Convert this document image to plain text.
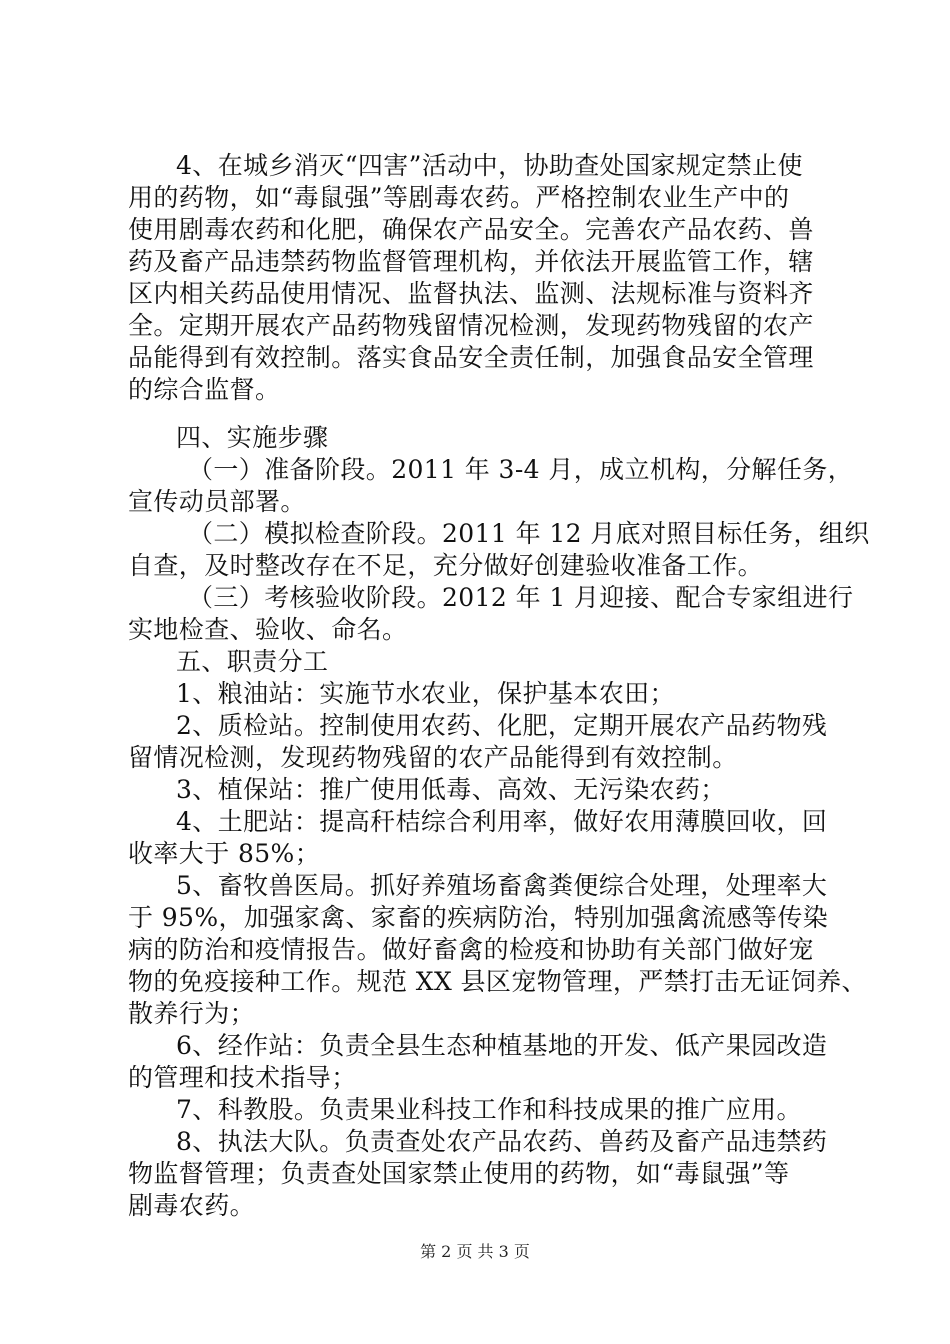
4、在城乡消灭“四害”活动中，协助查处国家规定禁止使
用的药物，如“毒鼠强”等剧毒农药。严格控制农业生产中的
使用剧毒农药和化肥，确保农产品安全。完善农产品农药、兽
药及畜产品违禁药物监督管理机构，并依法开展监管工作，辖
区内相关药品使用情况、监督执法、监测、法规标准与资料齐
全。定期开展农产品药物残留情况检测，发现药物残留的农产
品能得到有效控制。落实食品安全责任制，加强食品安全管理
的综合监督。
四、实施步骤
（一）准备阶段。2011 年 3-4 月，成立机构，分解任务，
宣传动员部署。
（二）模拟检查阶段。2011 年 12 月底对照目标任务，组织
自查，及时整改存在不足，充分做好创建验收准备工作。
（三）考核验收阶段。2012 年 1 月迎接、配合专家组进行
实地检查、验收、命名。
五、职责分工
1、粮油站：实施节水农业，保护基本农田；
2、质检站。控制使用农药、化肥，定期开展农产品药物残
留情况检测，发现药物残留的农产品能得到有效控制。
3、植保站：推广使用低毒、高效、无污染农药；
4、土肥站：提高秆桔综合利用率，做好农用薄膜回收，回
收率大于 85%；
5、畜牧兽医局。抓好养殖场畜禽粪便综合处理，处理率大
于 95%，加强家禽、家畜的疾病防治，特别加强禽流感等传染
病的防治和疫情报告。做好畜禽的检疫和协助有关部门做好宠
物的免疫接种工作。规范 XX 县区宠物管理，严禁打击无证饲养、
散养行为；
6、经作站：负责全县生态种植基地的开发、低产果园改造
的管理和技术指导；
7、科教股。负责果业科技工作和科技成果的推广应用。
8、执法大队。负责查处农产品农药、兽药及畜产品违禁药
物监督管理；负责查处国家禁止使用的药物，如“毒鼠强”等
剧毒农药。
第 2 页 共 3 页
